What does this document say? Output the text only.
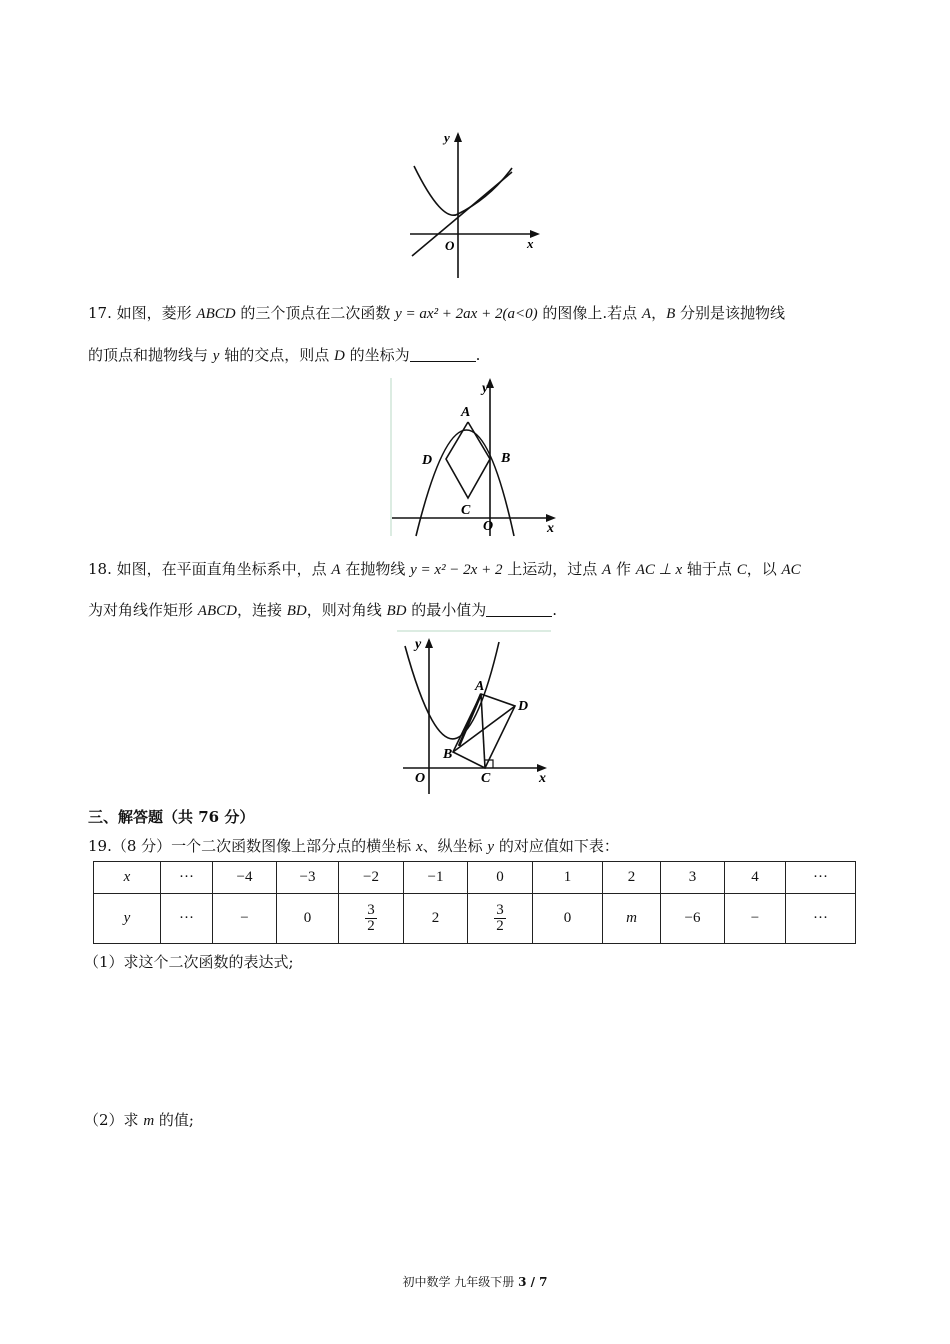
y
O	x
17. 如图，菱形 ABCD 的三个顶点在二次函数 y = ax² + 2ax + 2(a<0) 的图像上.若点 A，B 分别是该抛物线
的顶点和抛物线与 y 轴的交点，则点 D 的坐标为	.
y
A
D	B
C
O	x
18. 如图，在平面直角坐标系中，点 A 在抛物线 y = x² − 2x + 2 上运动，过点 A 作 AC ⊥ x 轴于点 C，以 AC
为对角线作矩形 ABCD，连接 BD，则对角线 BD 的最小值为	.
y
A
D
B
O	C	x
三、解答题（共 76 分）
19.（8 分）一个二次函数图像上部分点的横坐标 x、纵坐标 y 的对应值如下表：
x	···	−4	−3	−2	−1	0	1	2	3	4	···
y	···	−	0	$\frac{3}{2}$	2	$\frac{3}{2}$	0	m	−6	−	···
（1）求这个二次函数的表达式;
（2）求 m 的值;
初中数学 九年级下册 3 / 7
